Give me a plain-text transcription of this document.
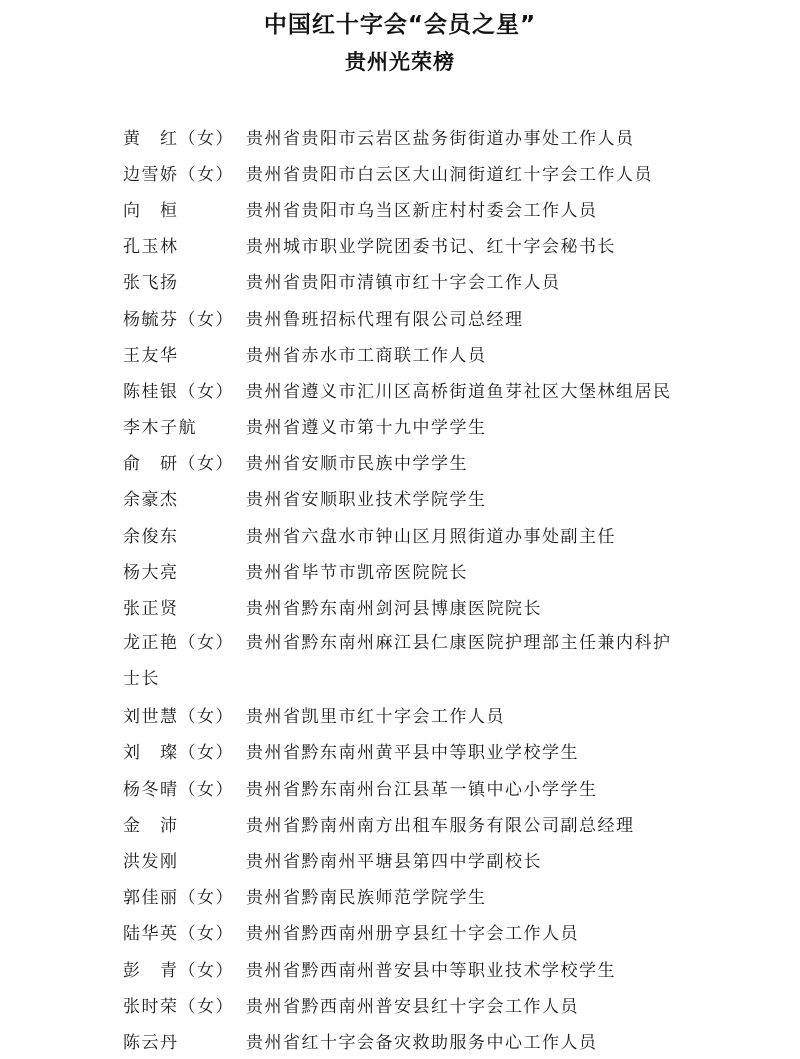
中国红十字会“会员之星”
贵州光荣榜
黄　红（女） 贵州省贵阳市云岩区盐务街街道办事处工作人员
边雪娇（女） 贵州省贵阳市白云区大山洞街道红十字会工作人员
向　桓	贵州省贵阳市乌当区新庄村村委会工作人员
孔玉林	贵州城市职业学院团委书记、红十字会秘书长
张飞扬	贵州省贵阳市清镇市红十字会工作人员
杨毓芬（女） 贵州鲁班招标代理有限公司总经理
王友华	贵州省赤水市工商联工作人员
陈桂银（女） 贵州省遵义市汇川区高桥街道鱼芽社区大堡林组居民
李木子航	贵州省遵义市第十九中学学生
俞　研（女） 贵州省安顺市民族中学学生
余豪杰	贵州省安顺职业技术学院学生
余俊东	贵州省六盘水市钟山区月照街道办事处副主任
杨大亮	贵州省毕节市凯帝医院院长
张正贤	贵州省黔东南州剑河县博康医院院长
龙正艳（女） 贵州省黔东南州麻江县仁康医院护理部主任兼内科护士长
刘世慧（女） 贵州省凯里市红十字会工作人员
刘　璨（女） 贵州省黔东南州黄平县中等职业学校学生
杨冬晴（女） 贵州省黔东南州台江县革一镇中心小学学生
金　沛	贵州省黔南州南方出租车服务有限公司副总经理
洪发刚	贵州省黔南州平塘县第四中学副校长
郭佳丽（女） 贵州省黔南民族师范学院学生
陆华英（女） 贵州省黔西南州册亨县红十字会工作人员
彭　青（女） 贵州省黔西南州普安县中等职业技术学校学生
张时荣（女） 贵州省黔西南州普安县红十字会工作人员
陈云丹	贵州省红十字会备灾救助服务中心工作人员
